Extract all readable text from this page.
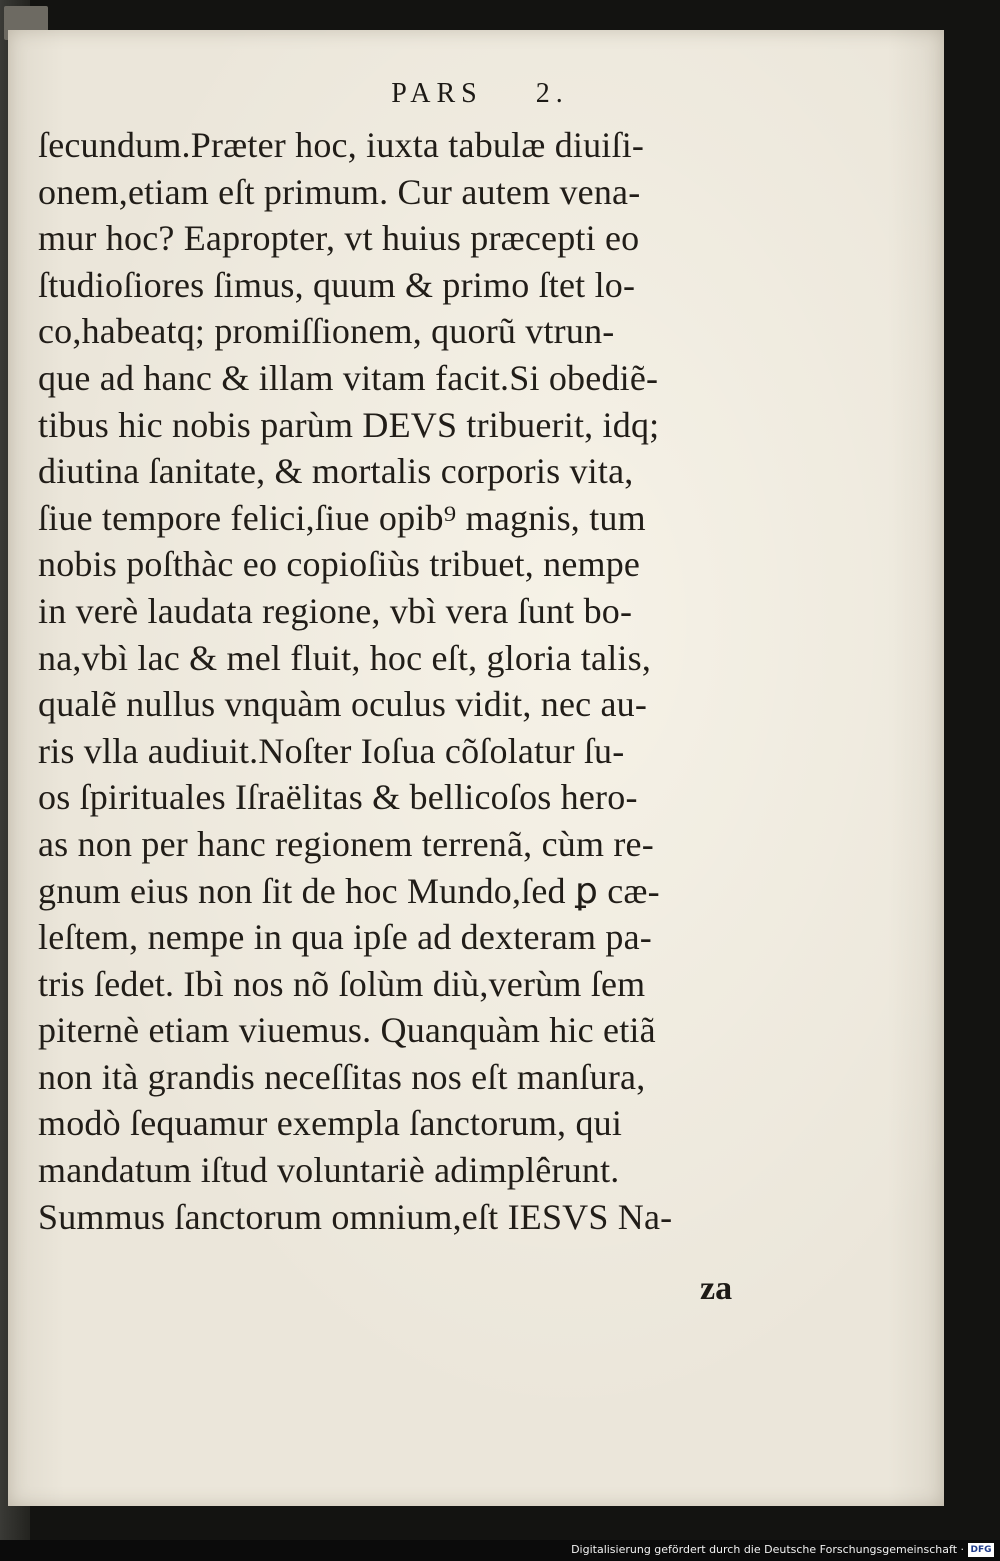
PARS 2.
ſecundum.Præter hoc, iuxta tabulæ diuiſi-
onem,etiam eſt primum. Cur autem vena-
mur hoc? Eapropter, vt huius præcepti eo
ſtudioſiores ſimus, quum & primo ſtet lo-
co,habeatq; promiſſionem, quorũ vtrun-
que ad hanc & illam vitam facit.Si obediẽ-
tibus hic nobis parùm DEVS tribuerit, idq;
diutina ſanitate, & mortalis corporis vita,
ſiue tempore felici,ſiue opib⁹ magnis, tum
nobis poſthàc eo copioſiùs tribuet, nempe
in verè laudata regione, vbì vera ſunt bo-
na,vbì lac & mel fluit, hoc eſt, gloria talis,
qualẽ nullus vnquàm oculus vidit, nec au-
ris vlla audiuit.Noſter Ioſua cõſolatur ſu-
os ſpirituales Iſraëlitas & bellicoſos hero-
as non per hanc regionem terrenã, cùm re-
gnum eius non ſit de hoc Mundo,ſed ꝑ cæ-
leſtem, nempe in qua ipſe ad dexteram pa-
tris ſedet. Ibì nos nõ ſolùm diù,verùm ſem
piternè etiam viuemus. Quanquàm hic etiã
non ità grandis neceſſitas nos eſt manſura,
modò ſequamur exempla ſanctorum, qui
mandatum iſtud voluntariè adimplêrunt.
Summus ſanctorum omnium,eſt IESVS Na-
za
Digitalisierung gefördert durch die Deutsche Forschungsgemeinschaft · DFG
